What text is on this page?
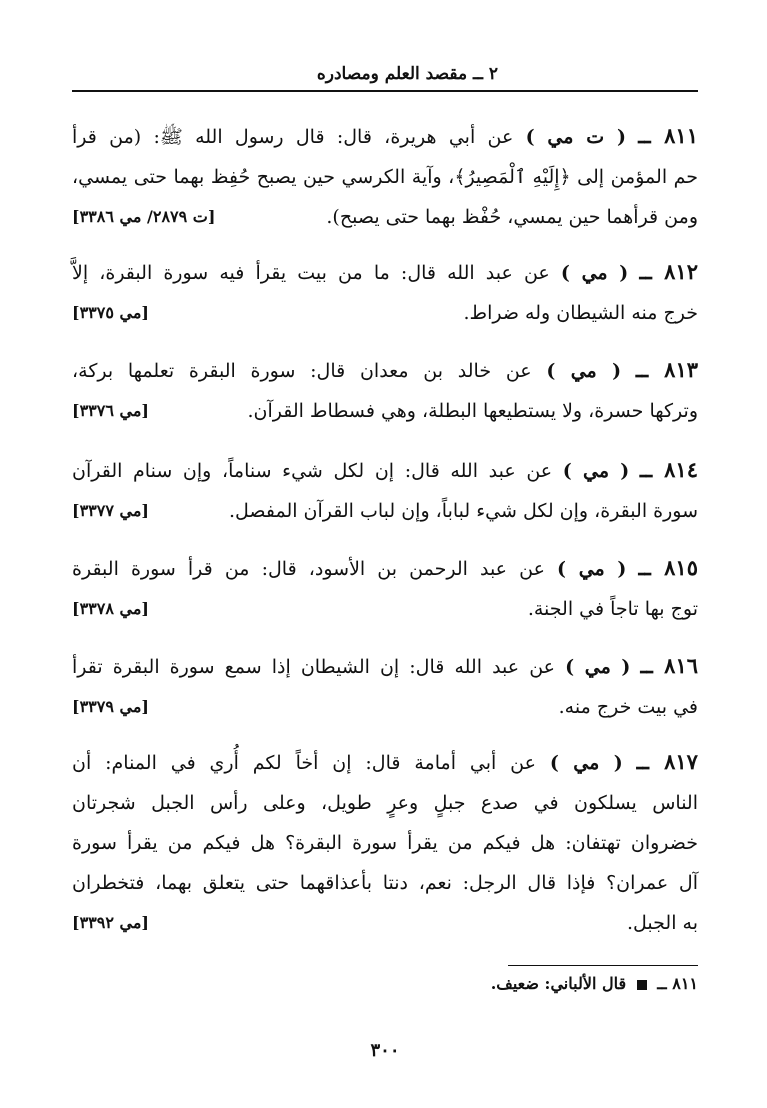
٢ ــ مقصد العلم ومصادره
٨١١ ــ ( ت مي ) عن أبي هريرة، قال: قال رسول الله ﷺ: (من قرأ
حم المؤمن إلى ﴿إِلَيْهِ ٱلْمَصِيرُ﴾، وآية الكرسي حين يصبح حُفِظ بهما حتى يمسي،
ومن قرأهما حين يمسي، حُفْظ بهما حتى يصبح).
[ت ٢٨٧٩/ مي ٣٣٨٦]
٨١٢ ــ ( مي ) عن عبد الله قال: ما من بيت يقرأ فيه سورة البقرة، إلاَّ
خرج منه الشيطان وله ضراط.
[مي ٣٣٧٥]
٨١٣ ــ ( مي ) عن خالد بن معدان قال: سورة البقرة تعلمها بركة،
وتركها حسرة، ولا يستطيعها البطلة، وهي فسطاط القرآن.
[مي ٣٣٧٦]
٨١٤ ــ ( مي ) عن عبد الله قال: إن لكل شيء سناماً، وإن سنام القرآن
سورة البقرة، وإن لكل شيء لباباً، وإن لباب القرآن المفصل.
[مي ٣٣٧٧]
٨١٥ ــ ( مي ) عن عبد الرحمن بن الأسود، قال: من قرأ سورة البقرة
توج بها تاجاً في الجنة.
[مي ٣٣٧٨]
٨١٦ ــ ( مي ) عن عبد الله قال: إن الشيطان إذا سمع سورة البقرة تقرأ
في بيت خرج منه.
[مي ٣٣٧٩]
٨١٧ ــ ( مي ) عن أبي أمامة قال: إن أخاً لكم أُري في المنام: أن
الناس يسلكون في صدع جبلٍ وعرٍ طويل، وعلى رأس الجبل شجرتان
خضروان تهتفان: هل فيكم من يقرأ سورة البقرة؟ هل فيكم من يقرأ سورة
آل عمران؟ فإذا قال الرجل: نعم، دنتا بأعذاقهما حتى يتعلق بهما، فتخطران
به الجبل.
[مي ٣٣٩٢]
٨١١ ــ  قال الألباني: ضعيف.
٣٠٠
